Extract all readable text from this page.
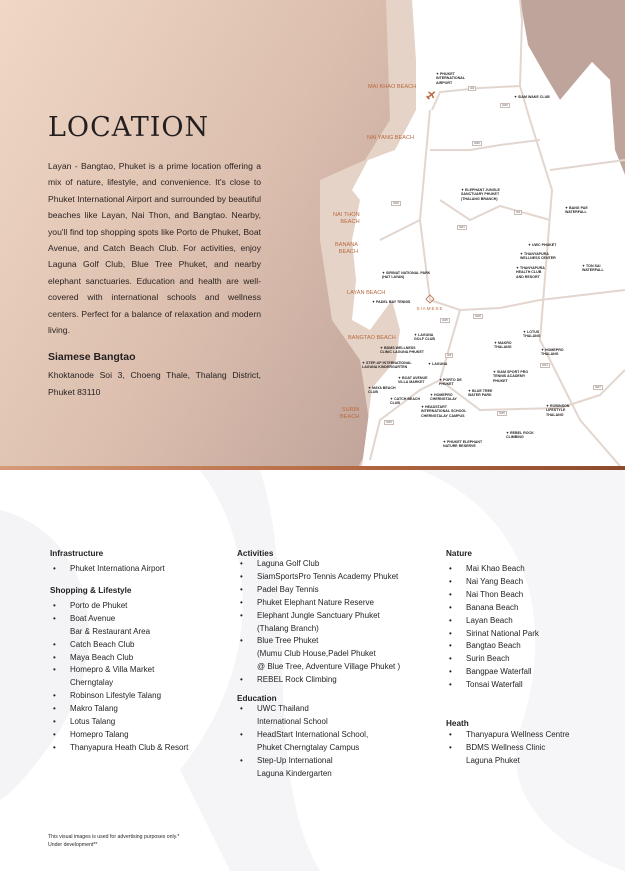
SIAMESE
MAI KHAO BEACH
NAI YANG BEACH
NAI THON
BEACH
BANANA
BEACH
LAYAN BEACH
BANGTAO BEACH
SURIN
BEACH
✦ PHUKET
INTERNATIONAL
AIRPORT
✦ SIAM WAKE CLUB
✦ ELEPHANT JUNGLE
SANCTUARY PHUKET
(THALANG BRANCH)
✦ BANG PAE
WATERFALL
✦ UWC PHUKET
✦ THANYAPURA
WELLNESS CENTER
✦ THANYAPURA
HEALTH CLUB
AND RESORT
✦ TON SAI
WATERFALL
✦ SIRINAT NATIONAL PARK
(HAT LAYAN)
✦ PADEL BAY TENNIS
✦ LAGUNA
GOLF CLUB
✦ LOTUS
THALANG
✦ MAKRO
THALANG
✦ HOMEPRO
THALANG
✦ BDMS WELLNESS
CLINIC LAGUNA PHUKET
✦ STEP-UP INTERNATIONAL
LAGUNA KINDERGARTEN
✦ LAGUNA
✦ SIAM SPORT PRO
TENNIS ACADEMY
PHUKET
✦ BOAT AVENUE
VILLA MARKET
✦ PORTO DE
PHUKET
✦ MAYA BEACH
CLUB	✦ BLUE TREE
WATER PARK
✦ CATCH BEACH
CLUB
✦ HOMEPRO
CHERNGTALAY
✦ HEADSTART
INTERNATIONAL SCHOOL
CHERNGTALAY CAMPUS
✦ ROBINSON
LIFESTYLE
THALANG
✦ REBEL ROCK
CLIMBING
✦ PHUKET ELEPHANT
NATURE RESERVE
402
4026
4030
4025
402
4031
4030
4025
402
4031
4027
4025
4025
LOCATION

Layan - Bangtao, Phuket is a prime location offering a mix of nature, lifestyle, and convenience. It's close to Phuket International Airport and surrounded by beautiful beaches like Layan, Nai Thon, and Bangtao. Nearby, you'll find top shopping spots like Porto de Phuket, Boat Avenue, and Catch Beach Club. For activities, enjoy Laguna Golf Club, Blue Tree Phuket, and nearby elephant sanctuaries. Education and health are well-covered with international schools and wellness centers. Perfect for a balance of relaxation and modern living.

Siamese Bangtao

Khoktanode Soi 3, Choeng Thale, Thalang District, Phuket 83110

Infrastructure
• Phuket Internationa Airport
Shopping & Lifestyle
• Porto de Phuket
• Boat Avenue
Bar & Restaurant Area
• Catch Beach Club
• Maya Beach Club
• Homepro & Villa Market
Cherngtalay
• Robinson Lifestyle Talang
• Makro Talang
• Lotus Talang
• Homepro Talang
• Thanyapura Heath Club & Resort
Activities
• Laguna Golf Club
• SiamSportsPro Tennis Academy Phuket
• Padel Bay Tennis
• Phuket Elephant Nature Reserve
• Elephant Jungle Sanctuary Phuket
(Thalang Branch)
• Blue Tree Phuket
(Mumu Club House,Padel Phuket
@ Blue Tree, Adventure Village Phuket )
• REBEL Rock Climbing
Education
• UWC Thailand
International School
• HeadStart International School,
Phuket Cherngtalay Campus
• Step-Up International
Laguna Kindergarten
Nature
• Mai Khao Beach
• Nai Yang Beach
• Nai Thon Beach
• Banana Beach
• Layan Beach
• Sirinat National Park
• Bangtao Beach
• Surin Beach
• Bangpae Waterfall
• Tonsai Waterfall
Heath
• Thanyapura Wellness Centre
• BDMS Wellness Clinic
Laguna Phuket
This visual images is used for advertising purposes only.*
Under development**
